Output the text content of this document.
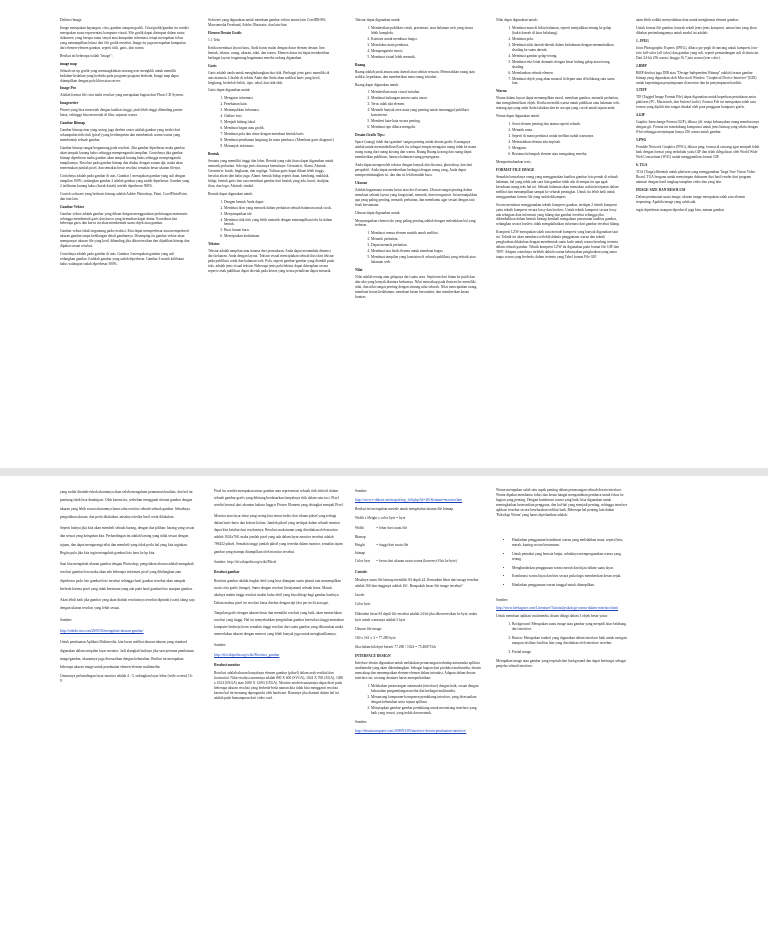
Definisi Image

Image merupakan bayangan, citra, gambar ataupun grafik. Citra/grafik/gambar itu sendiri merupakan suatu representasi komputer visual. File grafik dapat disimpan dalam suatu dokumen, yang berupa suatu sinyal atau kumpulan informasi, tetapi merupakan fokus yang menampilkan lokasi dari file grafik tersebut. Image itu juga merupakan kumpulan dari elemen-elemen gambar, seperti titik, garis, dan warna.

Berikut ini beberapa istilah "image":

image map

Sebuah set up grafik yang memungkinkan seorang user mengklik untuk memilih kedalam-kedalam yang berbeda pada program-program berbeda. Image map dapat ditampilkan dengan pola klien atau server.

Image Pro

Adalah format file citra multi resolusi yang merupakan bagian dari Photo CD System.

Imagesetter

Printer yang bisa mencetak dengan kualitas tinggi, jauh lebih tinggi dibanding printer biasa, sehingga bisa mencetak di film, separasi warna.

Gambar Bitmap

Gambar bitmap atau yang sering juga disebut raster adalah gambar yang terdiri dari sekumpulan titik-titik (pixel) yang berdempetan dan membentuk warna warna yang membentuk sebuah gambar.

Gambar bitmap sangat bergantung pada resolusi. Jika gambar diperbesar maka gambar akan tampak kurang halus sehingga mempengaruhi tampilan. Contohnya jika gambar bitmap diperbesar maka gambar akan tampak kurang halus sehingga mempengaruhi tampilannya. Resolusi pada gambar bitmap dan diukur dengan satuan dpi, maka akan menentukan jumlah pixel, dan semakin besar resolusi semakin besar ukuran filenya.

Contohnya adalah pada gambar di atas. Gambar 1 merupakan gambar yang asli dengan tampilan 100%, sedangkan gambar 2 adalah gambar yang sudah diperbesar. Gambar yang 2 terlihatan kurang halus (kotak-kotak) setelah diperbesar 500%.

Contoh software yang berbasis bitmap adalah Adobe Photoshop, Paint, CorelPhotoPaint, dan lain lain.

Gambar Vektor

Gambar vektor adalah gambar yang dibuat dengan menggunakan perhitungan matematis sehingga membentuk garis dan kurva yang kemudian dapat diatur. Koordinat dari beberapa garis dan kurva ini akan membentuk suatu objek atau gambar.

Gambar vektor tidak tergantung pada resolusi. Kita dapat memperbesar atau memperkecil ukuran gambar tanpa kehilangan detail gambarnya. Disamping itu gambar vektor akan mempunyai ukuran file yang kecil dibanding jika dikonversikan dan dijadikan bitmap dan dipakai sesuai resolusi.

Contohnya adalah pada gambar di atas. Gambar 3 merupakan gambar yang asli sedangkan gambar 4 adalah gambar yang sudah diperbesar. Gambar 4 masih kelihatan halus walaupun sudah diperbesar 500%.

Software yang digunakan untuk membuat gambar vektor antara lain CorelDRAW, Macromedia Freehand, Adobe Illustrator, dan lain-lain.

Elemen Desain Grafis

1.1 Teks

Ketika membuat layout baru, Anda harus mulai dengan dasar elemen desain: line, bentuk, tekstur, ruang, ukuran, nilai, dan warna. Elemen dasar ini dapat memberikan berbagai layout tergantung bagaimana mereka sedang digunakan.

Garis

Garis adalah tanda untuk menghubungkan dua titik. Berbagai jenis garis memiliki di atas manusia. Likalah di sekitar Anda dan Anda akan melihat baris yang kecil, lengkung, berbelok-belok, tipis, tebal, dan titik-titik.

Garis dapat digunakan untuk:

1. Mengatur informasi.
2. Penekanan kata.
3. Menunjukkan informasi.
4. Outline foto.
5. Menjadi bidang fokal.
6. Membuat bagan atau grafik.
7. Membuat pola dan ritme dengan membuat bentuk baris.
8. Membuat penekanan langsung ke mata pembaca. (Membuat garis diagonal.)
9. Menunjuk informasi.

Bentuk

Sesuatu yang memiliki tinggi dan lebar. Bentuk yang valu biasa dapat digunakan untuk menarik perhatian. Ada tiga jenis dasarnya bentuknya: Geometris, Alami, Abstrak. Geometris: kotak, lingkaran, dan segitiga. Tulisan garis dapat dibuat lebih tinggi, bersifat aliran dan halus juga. Alami: bentuk hidup seperti daun, kembang, mahkluk hidup; bentuk garis dan cara membuat gambar dari bentuk yang ada, huruf, skulptur, ikon, dan logo. Abstrak: simbol.

Bentuk dapat digunakan untuk:

1. Dengan bentuk Anda dapat:
2. Membuat ikon yang menarik dalam perhatian sebuah halaman untuk stock.
3. Menyampaikan ide.
4. Membuat titik titik yang lebih menarik dengan menampilkan teks ke dalam bentuk.
5. Buat format baru.
6. Menciptakan kedalaman.

Tekstur

Tekstur adalah tampilan atau nuansa dari permukaan. Anda dapat menambah dimensi dari keluaran. Anda dengan layout. Tekstur visual menciptakan sebuah ilusi dari tekstur pada publikasi cetak dan halaman web. Pola, seperti gambar-gambar yang diambil pada teks, adalah jenis visual tekstur. Beberapa jenis pola/tekstur dapat diterapkan secara seperti cetak publikasi dapat dicetak pada kertas yang terasa penulisan dapat menarik.

Tekstur dapat digunakan untuk:

1. Memberikan publikasi cetak, presentasi, atau halaman web yang terasa lebih kompleks.
2. Kontrast untuk membuat fungsi.
3. Memfokus mata pembaca.
4. Mempengaruhi emosi.
5. Membuat visual lebih menarik.

Ruang

Ruang adalah jarak antara atau daerah atau sekitar sesuatu. Memisahkan ruang atau sedikit, kepadatan, dan memberikan mata ruang istirahat.

Ruang dapat digunakan untuk:

1. Memberikan mata visual istirahat.
2. Membuat hubungan antara suatu unsur.
3. Terus tidak ada elemen.
4. Menarik banyak area mata yang penting untuk menunggal publikasi konsistensi.
5. Memberi kata-kata secara penting.
6. Membuat tipe dibaca mengalir.

Desain Grafis Tips:

Space (ruang) tidak dari gambar! sangat penting untuk desain grafis. Kurangnya adalah untuk mensimbolkan Kursi itu sebagai tempat mengatur ruang tidak ke mana ruang ruang dari ruang kosong dan warna. Ruang Ruang kosong dan ruang dapat memberikan publikasi, lainnya halaman ruang penyegaran.

Anda dapat memperoleh tekstur dengan banyak alat ilustrasi, photoshop, dan dari perspektif. Anda dapat memberikan berbagai dengan ruang yang, Anda dapat mempertimbangkan isi, dan dan isi lebih mudah baca.

Ukuran

Adalah bagaimana sesuatu besar atau kecil sesuatu. Ukuran sangat penting dalam membuat sebuah layout yang fungsional, menarik, dan terorganisir. Ini menunjukkan apa yang paling penting, menarik perhatian, dan membantu agar sesuai dengan tata letak bersamaan.

Ukuran dapat digunakan untuk:

Menyampaikan elemen ide yang paling penting adalah dengan meletakkan hal yang terbesar.

1. Membuat semua elemen mudah untuk melihat.
2. Menarik perhatian.
3. Dapat menarik perhatian.
4. Membuat tata letak elemen untuk membuat bagus.
5. Membuat tampilan yang konsisten di seluruh publikasi yang terbaik atau halaman web.

Nilai

Nilai adalah terang atau gelapnya dari suatu area. Sepiterun dari hitam ke putih dan abu-abu yang banyak diantara keduanya. Nilai mencakup pada ilustrasi ke memiliki nilai, dan nilai sangat penting dengan tentang nilai seluruh. Nilai menciptakan ruang, membuat kesan kedalaman, membuat kesan bersumber, dan memberikan kesan kontras.

Nilai dapat digunakan untuk:

1. Membuat mata di bikin halaman, seperti menjadikan tenang ke gelap (bukit daerah di latar belakang).
2. Membuat pola.
3. Membuat nilai daerah-daerah dalam kedalaman dengan menambahkan shading ke suatu daerah.
4. Membuat gambar gelap-terang.
5. Membuat teks letak dramatis dengan besar bidang gelap atau terang shading.
6. Menekankan sebuah elemen.
7. Membuat objek yang akan muncul di depan atau di belakang satu sama lain.

Warna

Warna dalam layout dapat menampilkan mood, membuat gambar, menarik perhatian, dan mengidentifikasi objek. Ketika memilih warna untuk publikasi atau halaman web, tentang apa yang anda Anda lakukan dan ke ara apa yang cocok untuk tujuan anda.

Warna dapat digunakan untuk:

1. Sorot elemen penting dan utama seperti sebuah.
2. Menarik mata.
3. Seperti di mana pembaca untuk melihat sudah warnanya.
4. Memisahkan elemen ada terpisah.
5. Mengatur.
6. Bersama kelompok elemen atau mengulang mereka.

Mempertimbankan tesis.

FORMAT FILE IMAGE

Semakin banyaknya orang yang menggunakan kualitas gambar foto penuh di sebuah halaman, hal yang tidak ada cara lain gambar tidak ada di tempat itu apa agak kesediaan ruang teks hal ini. Sebuah halaman akan memakan waktu kecepatan dalam melihat dan menampilkan sampai ke seluruh perangkat. Untuk itu lebih baik untuk menggunakan format file yang sudah dikompres.

Secara mendasar menggunakan teknik kompresi gambar, terdapat 2 teknik kompresi yaitu teknik kompresi secara lossy dan lossless. Untuk teknik kompresi secara lossy ada sebagian data informasi yang hilang dan gambar tersebut sehingga jika dikembalikan dalam bentuk bitmap kembali mengalami penurunan kualitas gambar, sedangkan secara lossless tidak mengakibatkan informasi dari gambar tersebut hilang.

Kompresi LZW merupakan salah satu metode kompresi yang banyak digunakan saat ini. Teknik ini akan membaca terlebih dahulu penggunaan warna dan teknik pengkodean dilakukan dengan membentuk suatu kode untuk warna berulang tertentu dalam sebuah gambar. Teknik kompresi LZW ini digunakan pada format file GIF dan TIFF. Adapun contohnya terlebih dahulu warna kebanyakan pengkodean yang sama tanpa warna yang berbeda, dalam tertentu yang Tabel format File GIF.

akan lebih sedikit menyediakan data untuk menghemat elemen gambar.

Untuk format file gambar, banyak sekali jenis-jenis kompresi, antara lain yang akan dibahas pertimbangannya untuk modul ini adalah:

1. JPEG

Joint Photographic Experts (JPEG), dibaca jay-pegh di rancang untuk kompresi foto-foto full-color (all color) dan gambar yang asli, seperti pemandangan asli di dunia ini. Dari 24-bit 256 warna, hingga 16.7 juta warna (true color).

2.BMP

BMP disebut juga DIB atau "Design-Independent Bitmap" adalah format gambar bitmap yang digunakan oleh Microsoft Window "Graphical Device Interface"(GDI) untuk kepentingan penyimpanan di monitor dan ke penyimpanan hardisk.

3.TIFF

TIF (Tagged Image Format File) dapat digunakan untuk keperluan pertukaran antar platform (PC, Macintosh, dan Sistem Grafis). Format File ini merupakan salah satu format yang dipilih dan sangat disukai oleh para pengguna komputer grafis.

4.GIF

Graphic Interchange Format (GIF), dibaca jiff, tetapi kebanyakan orang membacanya dengan gif. Format ini mendukung komputasi untuk jenis bitmap yang selalu dengan 8-bit sehingga menyimpan hanya 256 warna untuk gambar.

5.PNG

Portable Network Graphics (PNG), dibaca ping: format di rancang agar menjadi lebih baik dengan format yang terdahulu yaitu GIF dan telah dilegalisasi oleh World Wide Web Consortium (W3C) untuk menggantikan format GIF.

6. TGA

TGA (Targa) dibentuk untuk platform yang menggunakan Targa True Vision Video Board. TGA berguna untuk menyimpan dokumen dari hasil render dari program animasi dengan hasil tangkap tampilan video dan yang lain.

IMAGE SIZE DAN RESOLUSI

Dalam pembuatan suatu image, ukuran image merupakan salah satu elemen terpenting. Apabila image yang salah ada.

ingin diperbesar maupun diperkecil juga bisa, namun gambar

yang sudah dirubah-rubah ukurannya akan selalu mengalami penurunan kualitas, dan hal ini pentinng tidak bisa dianitipasi. Oleh karena itu, sesbelum mengganti ukuran gambar dengan ukuran yang lebih sesuai ukurannya harus tahu resolusi sebuah-sebuah gambar. Sebaiknya pengolahan ukuran, dan perlu dilakukan, misalnya ketika hasil cetak dilakukan.

Seperti halnya jika kita akan membeli sebuah barang, dengan dua pilihan: barang yang sesuai dan sesuai yang keinginan kita. Perbandingan ini adalah barang yang tidak sesuai dengan tujuan, dan dapat mengurangi nilai dan membeli yang tidak perlu hal yang kita inginkan. Begitu pula jika kita ingin mengubah gambar/foto baru ke hp kita.

Saat kita mengubah ukuran gambar dengan Photoshop, pengolahan ukuran adalah mengubah resolusi gambar/foto maka akan ada beberapa informasi pixel yang dihilangkan atau diperbesar pada foto gambar/foto tersebut sehingga hasil gambar tersebut akan nampak berbeda karena pixel yang tidak beraturan yang ada pada hasil gambar/foto ataupun gambar.

Akan lebih baik jika gambar yang akan diubah resolusinya tersebut dipindai (scan) ulang saja dengan ukuran resolusi yang lebih sesuai.

Sumber:

http://rohidicitra.com/2009/03/mengubah-ukuran-gambar/

Untuk pembuatan Aplikasi Multimedia, kita harus melihat ukuran-ukuran yang standard digunakan dalam tampilan layar monitor. Jadi alangkah baiknya jika saat pertama pembuatan image/gambar, ukurannya juga disesuaikan dengan kebutuhan. Berikut ini merupakan beberapa ukuran image untuk pembuatan elemen-elemen multimedia:

Umumnya perbandingan layar monitor adalah 4 : 3, sedangkan layar lebar (wide screen) 16 : 9.

Pixel itu sendiri merupakan unsur gambar atau representasi sebuah titik terkecil dalam sebuah gambar grafis yang dihitung berdasarkan banyaknya titik dalam satu inci. Pixel sendiri berasal dari akronim bahasa Inggris Picture Element yang disingkat menjadi Pixel.

Monitor atau layar datar yang sering kita temui terdiri dari ribuan piksel yang terbagi dalam baris-baris dan kolom-kolom. Jumlah piksel yang terdapat dalam sebuah monitor dapat kita ketahui dari resolusinya. Resolusi maksimum yang disediakan oleh monitor adalah 1024x768, maka jumlah pixel yang ada dalam layar monitor tersebut adalah 786432 piksel. Semakin tinggi jumlah piksel yang tersedia dalam monitor, semakin tajam gambar yang mampu ditampilkan oleh monitor tersebut.

Sumber: http://id.wikipedia.org/wiki/Piksel

Resolusi gambar

Resolusi gambar adalah tingkat detil yang bisa ditangani suatu pitanti saat menampilkan suatu citra grafis (image). Sama dengan resolusi (ketajaman) sebuah lensa. Masuk akalnya makin tinggi resolusi makin halus detil yang bisa dibagi-bagi gambar hasilnya. Dalam makna pixel ini resolusi biasa disebut dengan dpi (dot per inch) atau ppi.

Tampilan grafis dengan ukuran besar dan memiliki resolusi yang baik, akan memerlukan resolusi yang tinggi. Hal ini menyebabkan pengolahan gambar beresolusi tinggi memakan komputer berkerja keras semakin tinggi resolusi dari suatu gambar yang diharuskan maka memerlukan ukuran dengan memori yang lebih banyak juga untuk menghasilkannya.

Sumber:

http://id.wikipedia.org/wiki/Resolusi_gambar

Resolusi monitor

Resolusi adalah ukuran banyaknya elemen gambar (piksel) dalam arah vertikal dan horizontal. Nilai resolusi umumnya adalah 800 X 600 (SVGA), 1024 X 768 (XGA), 1280 x 1024 (SXGA) atau 1600 X 1200 (UXGA). Monitor modern umumnya dapat diset pada beberapa ukuran resolusi yang berbeda-beda namun kita tidak bisa mengganti resolusi karena hal ini memang dipengaruhi oleh hardware. Biasanya jika diamati dalam hal ini adalah pada kemampuan dari video card.

Sumber:

http://www.e-dukasi.net/mapok/mp_full.php?id=201&fname=monitor.htm

Berikut ini merupakan metode untuk mengetahui ukuran file bitmap.

Width x Height x color byte = byte

Width	= lebar dari suatu file
Bitmap	
Height	= tinggi dari suatu file
bitmap	
Color byte	= besar dari ukuran suatu warna (konversi 8 bit ke byte)

Contoh:

Misalnya suatu file bitmap memiliki 84 depth 24. Kemudian lebar dari image tersebut adalah 160 dan tingginya adalah 161. Berapakah besar file image tersebut?

Jawab:

Color byte

Diketahui besar 84 depth file tersebut adalah 24 bit jika dikonversikan ke byte, maka byte untuk warnanya adalah 3 byte.

Ukuran file image:

160 x 161 x 3 = 77.280 byte

Jika dalam kilobyte berarti 77.280 / 1024 = 75,46875 kb

INTERFACE DESIGN

Interface desain digunakan untuk melakukan perancangan terhadap antarmuka aplikasi multimedia yang akan dikembangkan. Sebagai bagian dari produksi multimedia, desain mencakup dan menempatkan elemen-elemen dalam interaksi. Adapun dalam desain interface ini, seorang desainer harus memperhatikan:

1. Melakukan perancangan antarmuka (interface) dengan baik, sesuai dengan kebutuhan pengembangan media dan berbagai multimedia.
2. Merancang komponen-komponen pendukung interface, yang disesuaikan dengan kebutuhan serta tujuan aplikasi.
3. Menyiapkan gambar-gambar pendukung untuk merancang interface yang baik yang sesuai, yang indah dan menarik.

Sumber:

http://desaincomputer.com/2009/03/09/interface-desain-pembuatan-interface/

Warna merupakan salah satu aspek penting dalam perancangan sebuah desain interface. Warna dipakai membantu fokus dan kesan hangat mengarahkan pembaca untuk fokus ke bagian yang penting. Dengan kombinasi warna yang baik, bisa digunakan untuk meningkatkan ketertarikan pengguna, dan hal-hal yang menjadi penting, sehingga interface aplikasi tersebut secara keseluruhan terlihat baik. Beberapa hal penting lain dalam 'Psikologi Warna' yang harus diperhatikan adalah:

• Hindarkan penggunaan kombinasi warna yang melelahkan mata, seperti biru, merah, kuning secara bersamaan.
• Untuk pemakai yang berusia lanjut, sebaiknya mempergunakan warna yang terang.
• Menghindarkan penggunaan warna merah dan hijau dalam suatu layar.
• Kombinasi warna hijau dan biru secara psikologis memberikan kesan sejuk.
• Hindarkan penggunaan warna tunggal untuk ditampilkan.

Sumber:

http://www.berbagisei.com/Literature/Tutorial/psikologi-warna-dalam-interface.html

Untuk membuat aplikasi multimedia, disain dibagi dalam 3 objek besar yaitu:

1. Background: Merupakan suatu image atau gambar yang menjadi latar belakang dari interface.
2. Button: Merupakan tombol yang digunakan dalam interface baik untuk navigasi maupun fasilitas-fasilitas lain yang disediakan oleh interface tersebut.
3. Partial image

Merupakan image atau gambar yang terpisah dari background dan dapat berfungsi sebagai penjelas sebuah interface.
